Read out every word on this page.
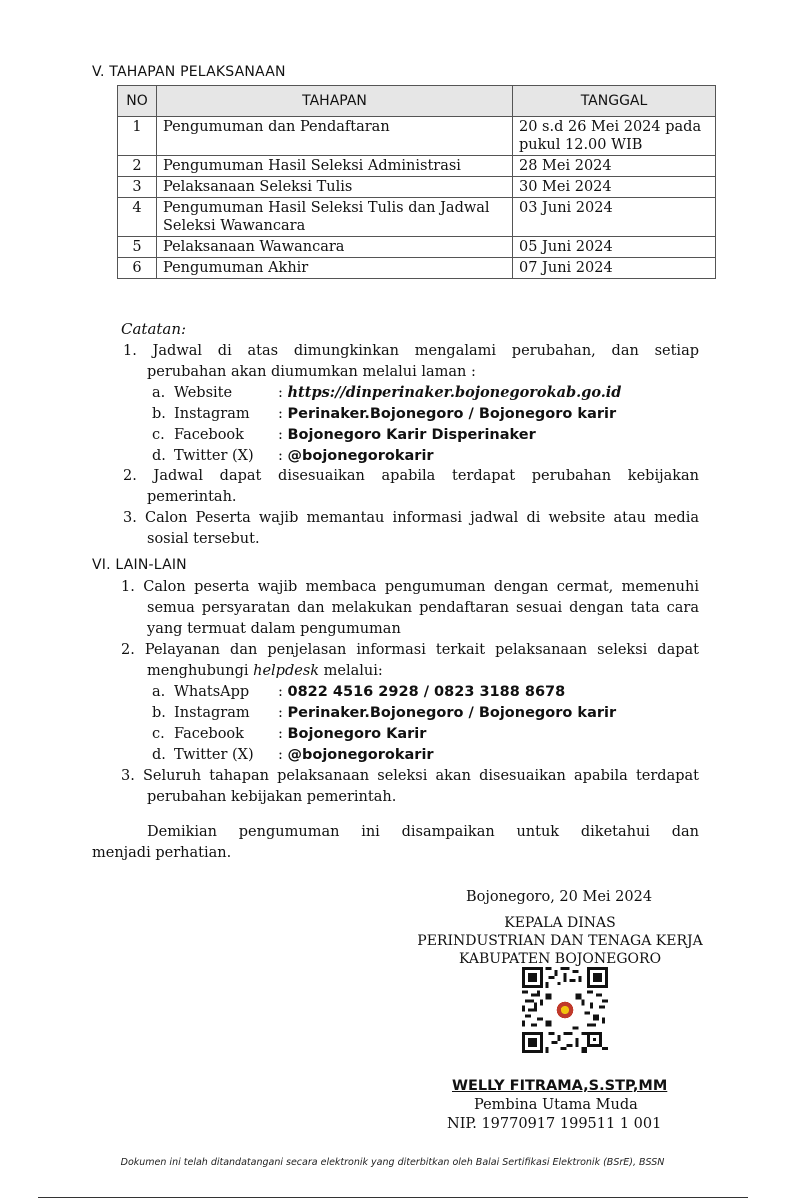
V. TAHAPAN PELAKSANAAN
NO	TAHAPAN	TANGGAL
1	Pengumuman dan Pendaftaran	20 s.d 26 Mei 2024 pada
pukul 12.00 WIB

2	Pengumuman Hasil Seleksi Administrasi	28 Mei 2024

3	Pelaksanaan Seleksi Tulis	30 Mei 2024

4	Pengumuman Hasil Seleksi Tulis dan Jadwal
Seleksi Wawancara	03 Juni 2024

5	Pelaksanaan Wawancara	05 Juni 2024

6	Pengumuman Akhir	07 Juni 2024
Catatan:
1. Jadwal di atas dimungkinkan mengalami perubahan, dan setiap
perubahan akan diumumkan melalui laman :
a. Website	: https://dinperinaker.bojonegorokab.go.id
b. Instagram : Perinaker.Bojonegoro / Bojonegoro karir
c. Facebook : Bojonegoro Karir Disperinaker
d. Twitter (X) : @bojonegorokarir
2. Jadwal dapat disesuaikan apabila terdapat perubahan kebijakan
pemerintah.
3. Calon Peserta wajib memantau informasi jadwal di website atau media
sosial tersebut.
VI. LAIN-LAIN
1. Calon peserta wajib membaca pengumuman dengan cermat, memenuhi
semua persyaratan dan melakukan pendaftaran sesuai dengan tata cara
yang termuat dalam pengumuman
2. Pelayanan dan penjelasan informasi terkait pelaksanaan seleksi dapat
menghubungi helpdesk melalui:
a. WhatsApp : 0822 4516 2928 / 0823 3188 8678
b. Instagram : Perinaker.Bojonegoro / Bojonegoro karir
c. Facebook : Bojonegoro Karir
d. Twitter (X) : @bojonegorokarir
3. Seluruh tahapan pelaksanaan seleksi akan disesuaikan apabila terdapat
perubahan kebijakan pemerintah.
Demikian pengumuman ini disampaikan untuk diketahui dan
menjadi perhatian.
Bojonegoro, 20 Mei 2024
KEPALA DINAS
PERINDUSTRIAN DAN TENAGA KERJA
KABUPATEN BOJONEGORO
WELLY FITRAMA,S.STP,MM
Pembina Utama Muda
NIP. 19770917 199511 1 001
Dokumen ini telah ditandatangani secara elektronik yang diterbitkan oleh Balai Sertifikasi Elektronik (BSrE), BSSN
